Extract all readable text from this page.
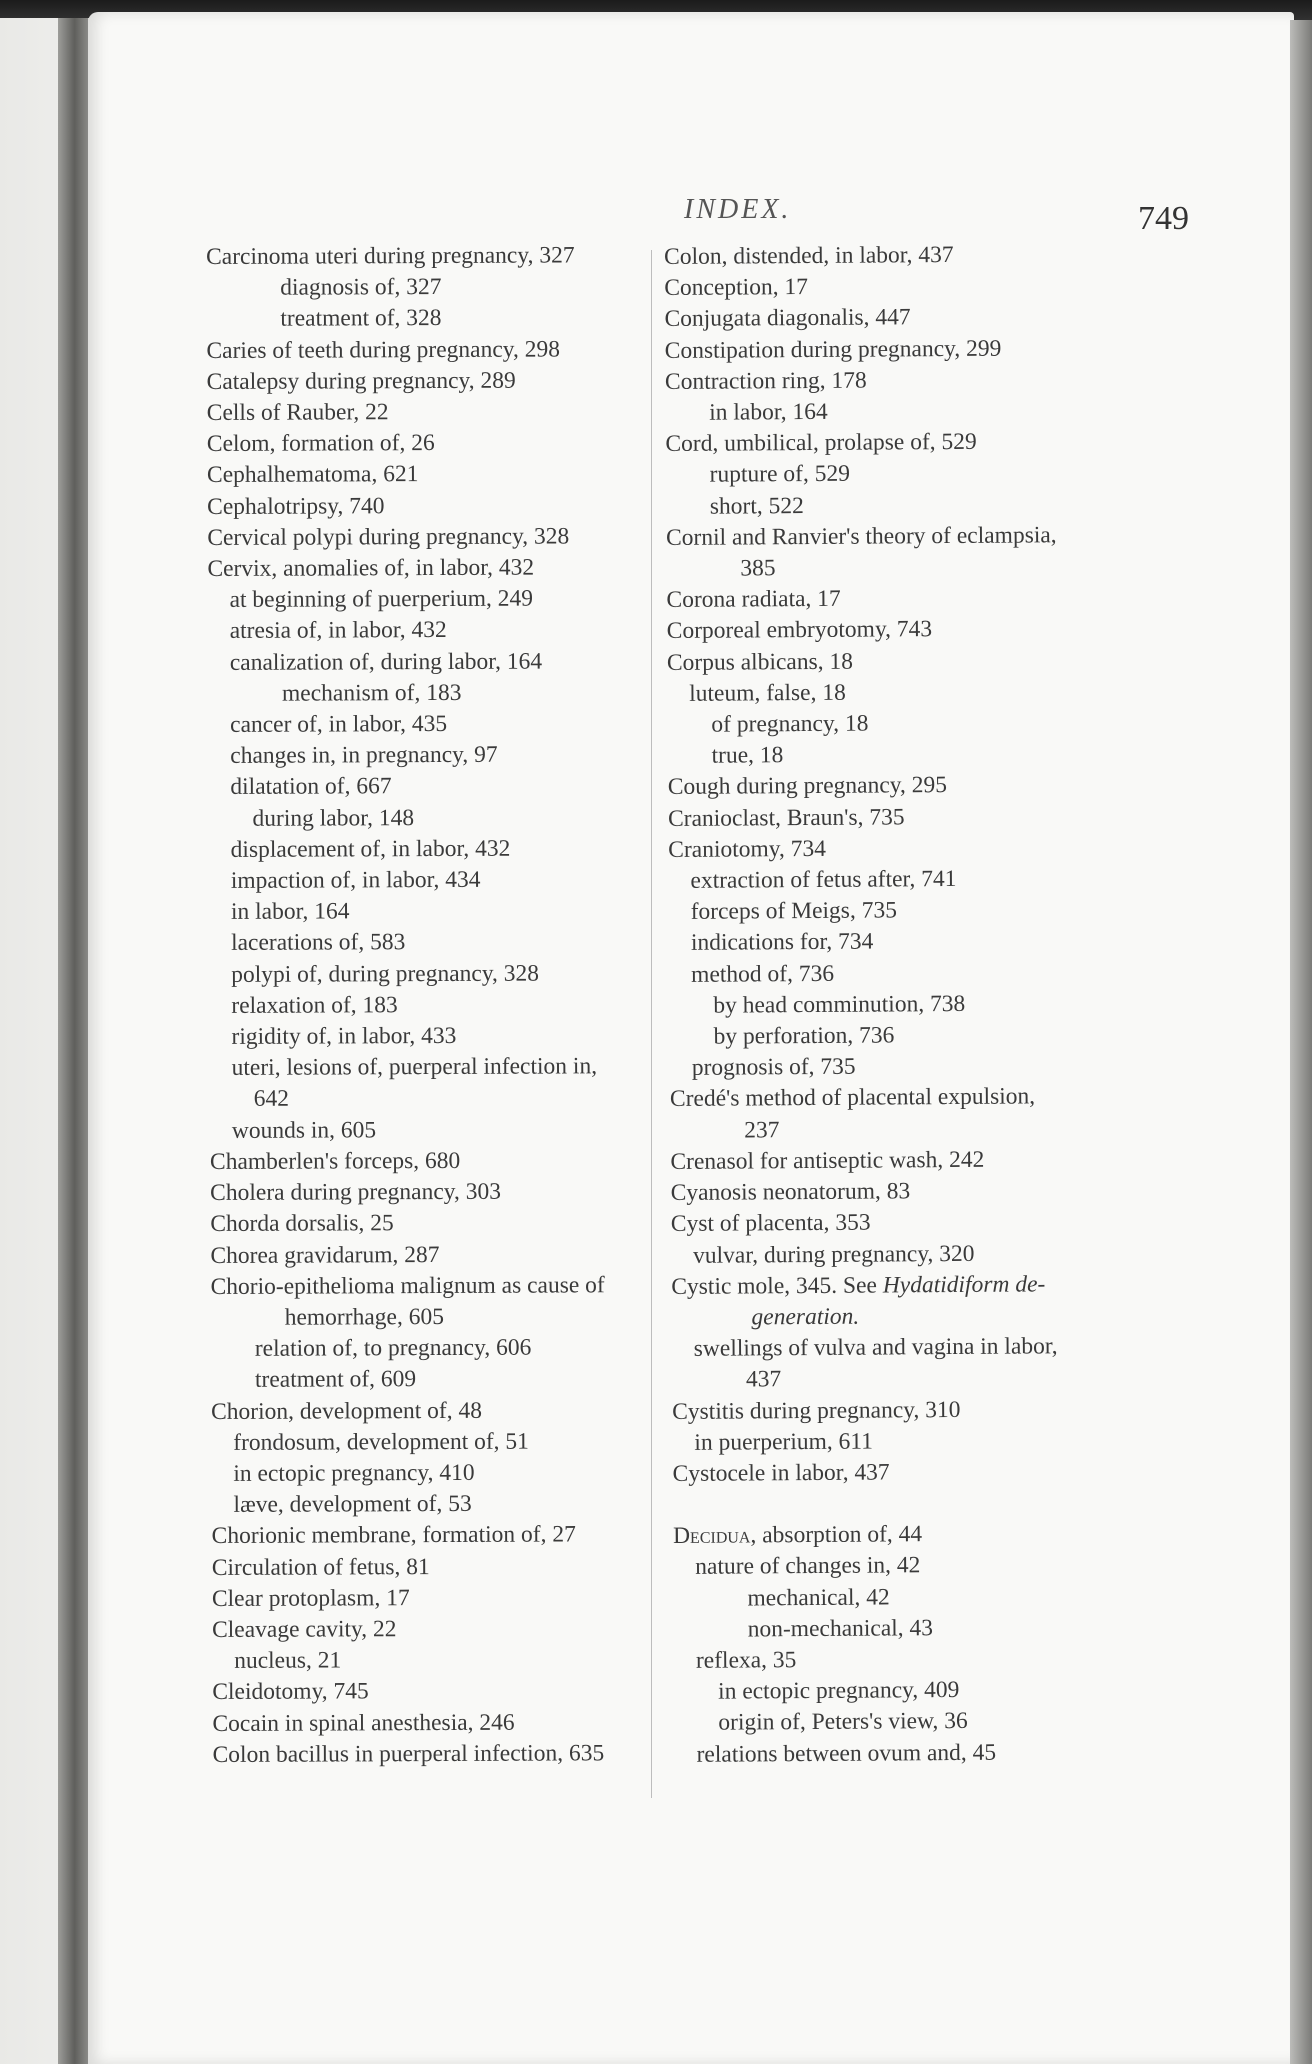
INDEX.	749
Carcinoma uteri during pregnancy, 327
diagnosis of, 327
treatment of, 328
Caries of teeth during pregnancy, 298
Catalepsy during pregnancy, 289
Cells of Rauber, 22
Celom, formation of, 26
Cephalhematoma, 621
Cephalotripsy, 740
Cervical polypi during pregnancy, 328
Cervix, anomalies of, in labor, 432
at beginning of puerperium, 249
atresia of, in labor, 432
canalization of, during labor, 164
mechanism of, 183
cancer of, in labor, 435
changes in, in pregnancy, 97
dilatation of, 667
during labor, 148
displacement of, in labor, 432
impaction of, in labor, 434
in labor, 164
lacerations of, 583
polypi of, during pregnancy, 328
relaxation of, 183
rigidity of, in labor, 433
uteri, lesions of, puerperal infection in,
642
wounds in, 605
Chamberlen's forceps, 680
Cholera during pregnancy, 303
Chorda dorsalis, 25
Chorea gravidarum, 287
Chorio-epithelioma malignum as cause of
hemorrhage, 605
relation of, to pregnancy, 606
treatment of, 609
Chorion, development of, 48
frondosum, development of, 51
in ectopic pregnancy, 410
læve, development of, 53
Chorionic membrane, formation of, 27
Circulation of fetus, 81
Clear protoplasm, 17
Cleavage cavity, 22
nucleus, 21
Cleidotomy, 745
Cocain in spinal anesthesia, 246
Colon bacillus in puerperal infection, 635
Colon, distended, in labor, 437
Conception, 17
Conjugata diagonalis, 447
Constipation during pregnancy, 299
Contraction ring, 178
in labor, 164
Cord, umbilical, prolapse of, 529
rupture of, 529
short, 522
Cornil and Ranvier's theory of eclampsia,
385
Corona radiata, 17
Corporeal embryotomy, 743
Corpus albicans, 18
luteum, false, 18
of pregnancy, 18
true, 18
Cough during pregnancy, 295
Cranioclast, Braun's, 735
Craniotomy, 734
extraction of fetus after, 741
forceps of Meigs, 735
indications for, 734
method of, 736
by head comminution, 738
by perforation, 736
prognosis of, 735
Credé's method of placental expulsion,
237
Crenasol for antiseptic wash, 242
Cyanosis neonatorum, 83
Cyst of placenta, 353
vulvar, during pregnancy, 320
Cystic mole, 345. See Hydatidiform de-
generation.
swellings of vulva and vagina in labor,
437
Cystitis during pregnancy, 310
in puerperium, 611
Cystocele in labor, 437
Decidua, absorption of, 44
nature of changes in, 42
mechanical, 42
non-mechanical, 43
reflexa, 35
in ectopic pregnancy, 409
origin of, Peters's view, 36
relations between ovum and, 45
